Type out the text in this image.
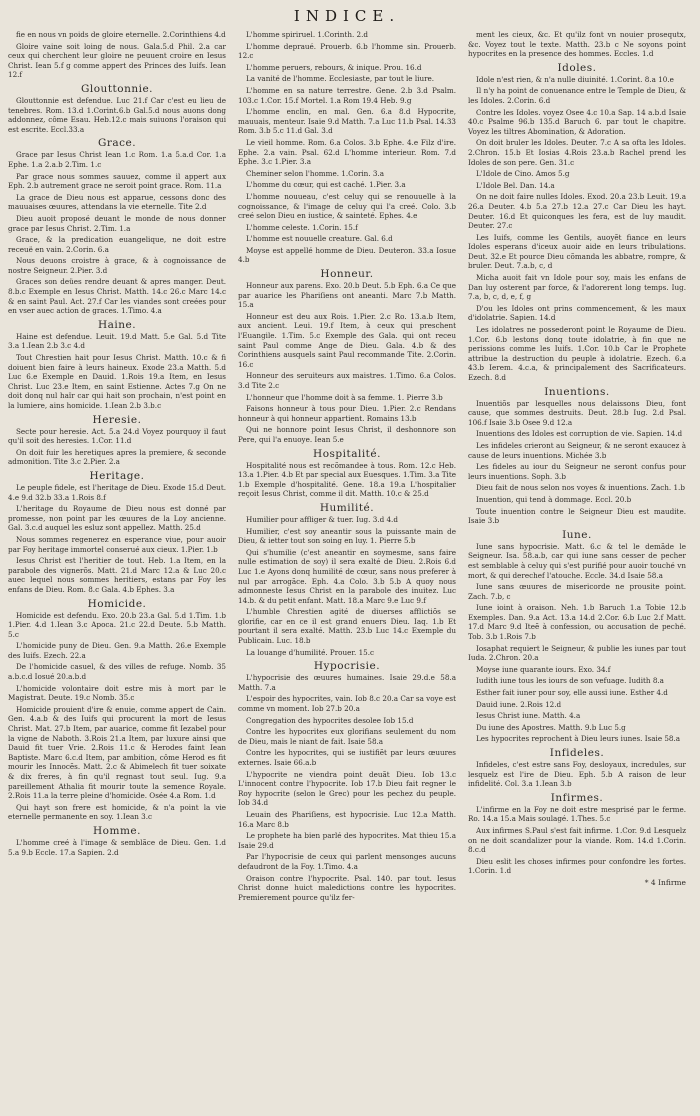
INDICE.

fie en nous vn poids de gloire eternelle. 2.Corinthiens 4.d

Gloire vaine soit loing de nous. Gala.5.d Phil. 2.a car ceux qui cherchent leur gloire ne peuuent croire en Iesus Christ. Iean 5.f g comme appert des Princes des Iuifs. Iean 12.f

Glouttonnie.

Glouttonnie est defendue. Luc 21.f Car c'est eu lieu de tenebres. Rom. 13.d 1.Corint.6.b Gal.5.d nous auons dong addonnez, côme Esau. Heb.12.c mais suiuons l'oraison qui est escrite. Eccl.33.a

Grace.

Grace par Iesus Christ Iean 1.c Rom. 1.a 5.a.d Cor. 1.a Ephe. 1.a 2.a.b 2.Tim. 1.c

Par grace nous sommes sauuez, comme il appert aux Eph. 2.b autrement grace ne seroit point grace. Rom. 11.a

La grace de Dieu nous est apparue, cessons donc des mauuaises œuures, attendans la vie eternelle. Tite 2.d

Dieu auoit proposé deuant le monde de nous donner grace par Iesus Christ. 2.Tim. 1.a

Grace, & la predication euangelique, ne doit estre receuë en vain. 2.Corin. 6.a

Nous deuons croistre à grace, & à cognoissance de nostre Seigneur. 2.Pier. 3.d

Graces son deües rendre deuant & apres manger. Deut. 8.b.c Exemple en Iesus Christ. Matth. 14.c 26.c Marc 14.c & en saint Paul. Act. 27.f Car les viandes sont creées pour en vser auec action de graces. 1.Timo. 4.a

Haine.

Haine est defendue. Leuit. 19.d Matt. 5.e Gal. 5.d Tite 3.a 1.Iean 2.b 3.c 4.d

Tout Chrestien hait pour Iesus Christ. Matth. 10.c & fi doiuent bien faire à leurs haineux. Exode 23.a Matth. 5.d Luc 6.e Exemple en Dauid. 1.Rois 19.a Item, en Iesus Christ. Luc 23.e Item, en saint Estienne. Actes 7.g On ne doit donq nul haïr car qui hait son prochain, n'est point en la lumiere, ains homicide. 1.Iean 2.b 3.b.c

Heresie.

Secte pour heresie. Act. 5.a 24.d Voyez pourquoy il faut qu'il soit des heresies. 1.Cor. 11.d

On doit fuir les heretiques apres la premiere, & seconde admonition. Tite 3.c 2.Pier. 2.a

Heritage.

Le peuple fidele, est l'heritage de Dieu. Exode 15.d Deut. 4.e 9.d 32.b 33.a 1.Rois 8.f

L'heritage du Royaume de Dieu nous est donné par promesse, non point par les œuures de la Loy ancienne. Gal. 3.c.d auquel les esluz sont appellez. Matth. 25.d

Nous sommes regenerez en esperance viue, pour auoir par Foy heritage immortel conserué aux cieux. 1.Pier. 1.b

Iesus Christ est l'heritier de tout. Heb. 1.a Item, en la parabole des vignerõs. Matt. 21.d Marc 12.a & Luc 20.c auec lequel nous sommes heritiers, estans par Foy les enfans de Dieu. Rom. 8.c Gala. 4.b Ephes. 3.a

Homicide.

Homicide est defendu. Exo. 20.b 23.a Gal. 5.d 1.Tim. 1.b 1.Pier. 4.d 1.Iean 3.c Apoca. 21.c 22.d Deute. 5.b Matth. 5.c

L'homicide puny de Dieu. Gen. 9.a Matth. 26.e Exemple des Iuifs. Ezech. 22.a

De l'homicide casuel, & des villes de refuge. Nomb. 35 a.b.c.d Iosué 20.a.b.d

L'homicide volontaire doit estre mis à mort par le Magistrat. Deute. 19.c Nomb. 35.c

Homicide prouient d'ire & enuie, comme appert de Cain. Gen. 4.a.b & des Iuifs qui procurent la mort de Iesus Christ. Mat. 27.b Item, par auarice, comme fit Iezabel pour la vigne de Naboth. 3.Rois 21.a Item, par luxure ainsi que Dauid fit tuer Vrie. 2.Rois 11.c & Herodes faint Iean Baptiste. Marc 6.c.d Item, par ambition, côme Herod es fit mourir les Innocẽs. Matt. 2.c & Abimelech fit tuer soixate & dix freres, à fin qu'il regnast tout seul. Iug. 9.a pareillement Athalia fit mourir toute la semence Royale. 2.Rois 11.a la terre pleine d'homicide. Osée 4.a Rom. 1.d

Qui hayt son frere est homicide, & n'a point la vie eternelle permanente en soy. 1.Iean 3.c

Homme.

L'homme creé à l'image & semblãce de Dieu. Gen. 1.d 5.a 9.b Eccle. 17.a Sapien. 2.d

L'homme spiriruel. 1.Corinth. 2.d

L'homme depraué. Prouerb. 6.b l'homme sin. Prouerb. 12.c

L'homme peruers, rebours, & inique. Prou. 16.d

La vanité de l'homme. Ecclesiaste, par tout le liure.

L'homme en sa nature terrestre. Gene. 2.b 3.d Psalm. 103.c 1.Cor. 15.f Mortel. 1.a Rom 19.4 Heb. 9.g

L'homme enclin, en mal. Gen. 6.a 8.d Hypocrite, mauuais, menteur. Isaie 9.d Matth. 7.a Luc 11.b Psal. 14.33 Rom. 3.b 5.c 11.d Gal. 3.d

Le vieil homme. Rom. 6.a Colos. 3.b Ephe. 4.e Filz d'ire. Ephe. 2.a vain. Psal. 62.d L'homme interieur. Rom. 7.d Ephe. 3.c 1.Pier. 3.a

Cheminer selon l'homme. 1.Corin. 3.a

L'homme du cœur, qui est caché. 1.Pier. 3.a

L'homme nouueau, c'est celuy qui se renouuelle à la cognoissance, & l'image de celuy qui l'a creé. Colo. 3.b creé selon Dieu en iustice, & sainteté. Ephes. 4.e

L'homme celeste. 1.Corin. 15.f

L'homme est nouuelle creature. Gal. 6.d

Moyse est appellé homme de Dieu. Deuteron. 33.a Iosue 4.b

Honneur.

Honneur aux parens. Exo. 20.b Deut. 5.b Eph. 6.a Ce que par auarice les Phariſiens ont aneanti. Marc 7.b Matth. 15.a

Honneur est deu aux Rois. 1.Pier. 2.c Ro. 13.a.b Item, aux ancient. Leui. 19.f Item, à ceux qui preschent l'Euangile. 1.Tim. 5.c Exemple des Gala. qui ont receu saint Paul comme Ange de Dieu. Gala. 4.b & des Corinthiens ausquels saint Paul recommande Tite. 2.Corin. 16.c

Honneur des seruiteurs aux maistres. 1.Timo. 6.a Colos. 3.d Tite 2.c

L'honneur que l'homme doit à sa femme. 1. Pierre 3.b

Faisons honneur à tous pour Dieu. 1.Pier. 2.c Rendans honneur à qui honneur appartient. Romains 13.b

Qui ne honnore point Iesus Christ, il deshonnore son Pere, qui l'a enuoye. Iean 5.e

Hospitalité.

Hospitalité nous est recõmandee à tous. Rom. 12.c Heb. 13.a 1.Pier. 4.b Et par special aux Euesques. 1.Tim. 3.a Tite 1.b Exemple d'hospitalité. Gene. 18.a 19.a L'hospitalier reçoit Iesus Christ, comme il dit. Matth. 10.c & 25.d

Humilité.

Humilier pour affliger & tuer. Iug. 3.d 4.d

Humilier, c'est soy aneantir sous la puissante main de Dieu, & ietter tout son soing en luy. 1. Pierre 5.b

Qui s'humilie (c'est aneantir en soymesme, sans faire nulle estimation de soy) il sera exalté de Dieu. 2.Rois 6.d Luc 1.e Ayons donq humilité de cœur, sans nous preferer à nul par arrogãce. Eph. 4.a Colo. 3.b 5.b A quoy nous admonneste Iesus Christ en la parabole des inuitez. Luc 14.b. & du petit enfant. Matt. 18.a Marc 9.e Luc 9.f

L'humble Chrestien agité de diuerses afflictiõs se glorifie, car en ce il est grand enuers Dieu. Iaq. 1.b Et pourtant il sera exalté. Matth. 23.b Luc 14.c Exemple du Publicain. Luc. 18.b

La louange d'humilité. Prouer. 15.c

Hypocrisie.

L'hypocrisie des œuures humaines. Isaie 29.d.e 58.a Matth. 7.a

L'espoir des hypocrites, vain. Iob 8.c 20.a Car sa voye est comme vn moment. Iob 27.b 20.a

Congregation des hypocrites desolee Iob 15.d

Contre les hypocrites eux glorifians seulement du nom de Dieu, mais le niant de fait. Isaie 58.a

Contre les hypocrites, qui se iustifiẽt par leurs œuures externes. Isaie 66.a.b

L'hypocrite ne viendra point deuãt Dieu. Iob 13.c L'innocent contre l'hypocrite. Iob 17.b Dieu fait regner le Roy hypocrite (selon le Grec) pour les pechez du peuple. Iob 34.d

Leuain des Phariſiens, est hypocrisie. Luc 12.a Matth. 16.a Marc 8.b

Le prophete ha bien parlé des hypocrites. Mat thieu 15.a Isaie 29.d

Par l'hypocrisie de ceux qui parlent mensonges aucuns defaudront de la Foy. 1.Timo. 4.a

Oraison contre l'hypocrite. Psal. 140. par tout. Iesus Christ donne huict maledictions contre les hypocrites. Premierement pource qu'ilz fer-

ment les cieux, &c. Et qu'ilz font vn nouier prosequtx, &c. Voyez tout le texte. Matth. 23.b c Ne soyons point hypocrites en la presence des hommes. Eccles. 1.d

Idoles.

Idole n'est rien, & n'a nulle diuinité. 1.Corint. 8.a 10.e

Il n'y ha point de conuenance entre le Temple de Dieu, & les Idoles. 2.Corin. 6.d

Contre les Idoles. voyez Osee 4.c 10.a Sap. 14 a.b.d Isaie 40.c Psalme 96.b 135.d Baruch 6. par tout le chapitre. Voyez les tiltres Abomination, & Adoration.

On doit bruler les Idoles. Deuter. 7.c A sa ofta les Idoles. 2.Chron. 15.b Et Iosias 4.Rois 23.a.b Rachel prend les Idoles de son pere. Gen. 31.c

L'Idole de Cino. Amos 5.g

L'Idole Bel. Dan. 14.a

On ne doit faire nulles Idoles. Exod. 20.a 23.b Leuit. 19.a 26.a Deuter. 4.b 5.a 27.b 12.a 27.c Car Dieu les hayt. Deuter. 16.d Et quiconques les fera, est de luy maudit. Deuter. 27.c

Les Iuifs, comme les Gentils, auoyẽt fiance en leurs Idoles esperans d'iceux auoir aide en leurs tribulations. Deut. 32.e Et pource Dieu cõmanda les abbatre, rompre, & bruler. Deut. 7.a.b, c, d

Micha auoit fait vn Idole pour soy, mais les enfans de Dan luy osterent par force, & l'adorerent long temps. Iug. 7.a, b, c, d, e, f, g

D'ou les Idoles ont prins commencement, & les maux d'idolatrie. Sapien. 14.d

Les idolatres ne possederont point le Royaume de Dieu. 1.Cor. 6.b lestons donq toute idolatrie, à fin que ne perissions comme les Iuifs. 1.Cor. 10.b Car le Prophete attribue la destruction du peuple à idolatrie. Ezech. 6.a 43.b Ierem. 4.c.a, & principalement des Sacrificateurs. Ezech. 8.d

Inuentions.

Inuentiõs par lesquelles nous delaissons Dieu, font cause, que sommes destruits. Deut. 28.b Iug. 2.d Psal. 106.f Isaie 3.b Osee 9.d 12.a

Inuentions des Idoles est corruption de vie. Sapien. 14.d

Les infideles crieront au Seigneur, & ne seront exaucez à cause de leurs inuentions. Michée 3.b

Les fideles au iour du Seigneur ne seront confus pour leurs inuentions. Soph. 3.b

Dieu fait de nous selon nos voyes & inuentions. Zach. 1.b

Inuention, qui tend à dommage. Eccl. 20.b

Toute inuention contre le Seigneur Dieu est maudite. Isaie 3.b

Iune.

Iune sans hypocrisie. Matt. 6.c & tel le demãde le Seigneur. Isa. 58.a.b, car qui iune sans cesser de pecher est semblable à celuy qui s'est purifié pour auoir touché vn mort, & qui derechef l'atouche. Eccle. 34.d Isaie 58.a

Iune sans œuures de misericorde ne prousite point. Zach. 7.b, c

Iune ioint à oraison. Neh. 1.b Baruch 1.a Tobie 12.b Exemples. Dan. 9.a Act. 13.a 14.d 2.Cor. 6.b Luc 2.f Matt. 17.d Marc 9.d Iteẽ à confession, ou accusation de peché. Tob. 3.b 1.Rois 7.b

Iosaphat requiert le Seigneur, & publie les iunes par tout Iuda. 2.Chron. 20.a

Moyse iune quarante iours. Exo. 34.f

Iudith iune tous les iours de son vefuage. Iudith 8.a

Esther fait iuner pour soy, elle aussi iune. Esther 4.d

Dauid iune. 2.Rois 12.d

Iesus Christ iune. Matth. 4.a

Du iune des Apostres. Matth. 9.b Luc 5.g

Les hypocrites reprochent à Dieu leurs iunes. Isaie 58.a

Infideles.

Infideles, c'est estre sans Foy, desloyaux, incredules, sur lesquelz est l'ire de Dieu. Eph. 5.b A raison de leur infidelité. Col. 3.a 1.Iean 3.b

Infirmes.

L'infirme en la Foy ne doit estre mesprisé par le ferme. Ro. 14.a 15.a Mais soulagé. 1.Thes. 5.c

Aux infirmes S.Paul s'est fait infirme. 1.Cor. 9.d Lesquelz on ne doit scandalizer pour la viande. Rom. 14.d 1.Corin. 8.c.d

Dieu eslit les choses infirmes pour confondre les fortes. 1.Corin. 1.d

* 4 Infirme
